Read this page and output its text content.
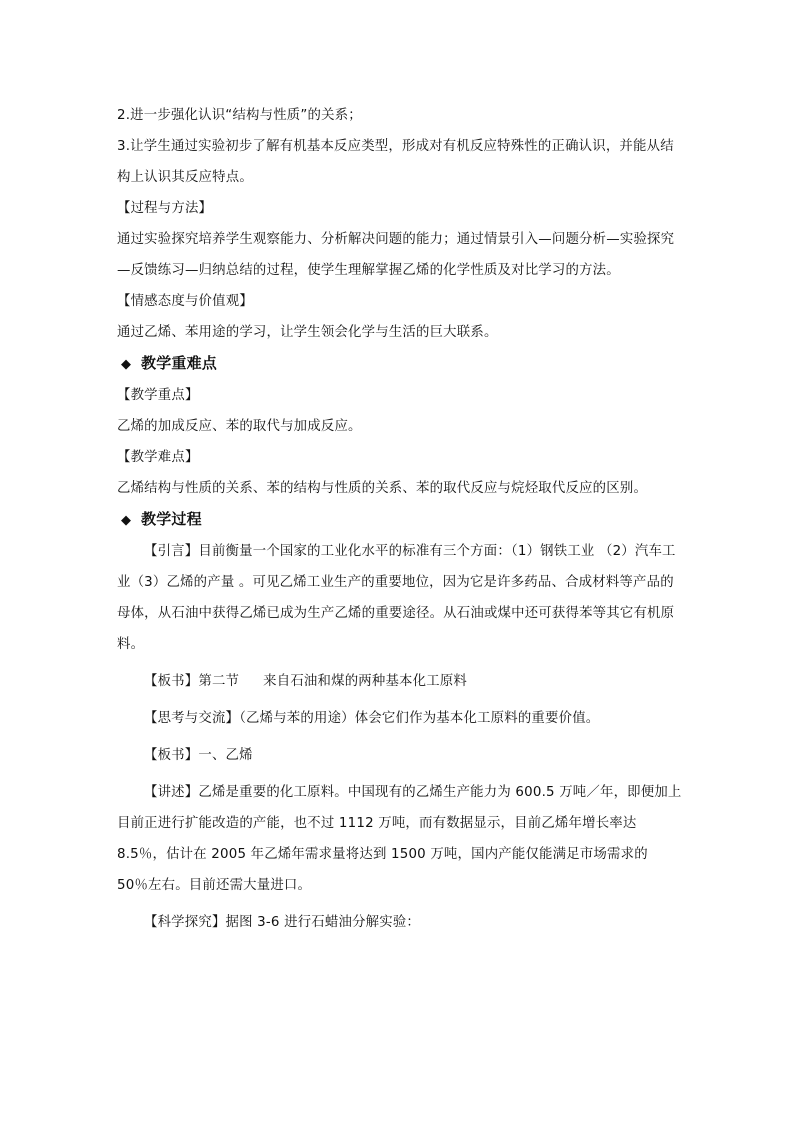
2.进一步强化认识“结构与性质”的关系；

3.让学生通过实验初步了解有机基本反应类型，形成对有机反应特殊性的正确认识，并能从结构上认识其反应特点。

【过程与方法】

通过实验探究培养学生观察能力、分析解决问题的能力；通过情景引入—问题分析—实验探究—反馈练习—归纳总结的过程，使学生理解掌握乙烯的化学性质及对比学习的方法。

【情感态度与价值观】

通过乙烯、苯用途的学习，让学生领会化学与生活的巨大联系。

◆ 教学重难点

【教学重点】

乙烯的加成反应、苯的取代与加成反应。

【教学难点】

乙烯结构与性质的关系、苯的结构与性质的关系、苯的取代反应与烷烃取代反应的区别。

◆ 教学过程

【引言】目前衡量一个国家的工业化水平的标准有三个方面：（1）钢铁工业 （2）汽车工业（3）乙烯的产量 。可见乙烯工业生产的重要地位，因为它是许多药品、合成材料等产品的母体，从石油中获得乙烯已成为生产乙烯的重要途径。从石油或煤中还可获得苯等其它有机原料。

【板书】第二节 来自石油和煤的两种基本化工原料

【思考与交流】（乙烯与苯的用途）体会它们作为基本化工原料的重要价值。

【板书】一、乙烯

【讲述】乙烯是重要的化工原料。中国现有的乙烯生产能力为 600.5 万吨／年，即便加上目前正进行扩能改造的产能，也不过 1112 万吨，而有数据显示，目前乙烯年增长率达 8.5％，估计在 2005 年乙烯年需求量将达到 1500 万吨，国内产能仅能满足市场需求的 50％左右。目前还需大量进口。

【科学探究】据图 3-6 进行石蜡油分解实验：
